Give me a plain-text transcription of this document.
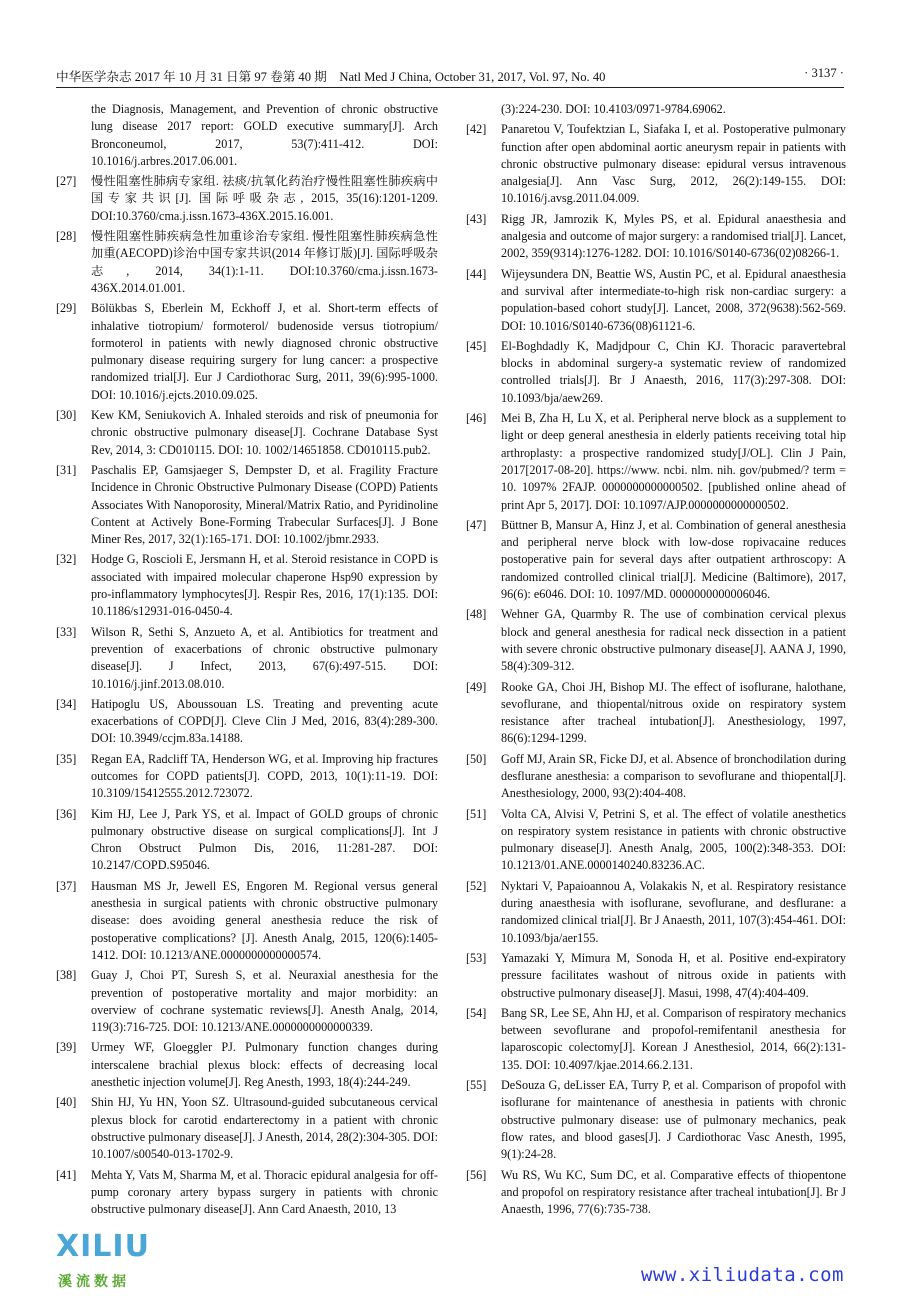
中华医学杂志 2017 年 10 月 31 日第 97 卷第 40 期　Natl Med J China, October 31, 2017, Vol. 97, No. 40	· 3137 ·
the Diagnosis, Management, and Prevention of chronic obstructive lung disease 2017 report: GOLD executive summary[J]. Arch Bronconeumol, 2017, 53(7):411-412. DOI: 10.1016/j.arbres.2017.06.001.
[27] 慢性阻塞性肺病专家组. 祛痰/抗氧化药治疗慢性阻塞性肺疾病中国专家共识[J]. 国际呼吸杂志, 2015, 35(16):1201-1209. DOI:10.3760/cma.j.issn.1673-436X.2015.16.001.
[28] 慢性阻塞性肺疾病急性加重诊治专家组. 慢性阻塞性肺疾病急性加重(AECOPD)诊治中国专家共识(2014 年修订版)[J]. 国际呼吸杂志, 2014, 34(1):1-11. DOI:10.3760/cma.j.issn.1673-436X.2014.01.001.
[29] Bölükbas S, Eberlein M, Eckhoff J, et al. Short-term effects of inhalative tiotropium/ formoterol/ budenoside versus tiotropium/ formoterol in patients with newly diagnosed chronic obstructive pulmonary disease requiring surgery for lung cancer: a prospective randomized trial[J]. Eur J Cardiothorac Surg, 2011, 39(6):995-1000. DOI: 10.1016/j.ejcts.2010.09.025.
[30] Kew KM, Seniukovich A. Inhaled steroids and risk of pneumonia for chronic obstructive pulmonary disease[J]. Cochrane Database Syst Rev, 2014, 3: CD010115. DOI: 10. 1002/14651858. CD010115.pub2.
[31] Paschalis EP, Gamsjaeger S, Dempster D, et al. Fragility Fracture Incidence in Chronic Obstructive Pulmonary Disease (COPD) Patients Associates With Nanoporosity, Mineral/Matrix Ratio, and Pyridinoline Content at Actively Bone-Forming Trabecular Surfaces[J]. J Bone Miner Res, 2017, 32(1):165-171. DOI: 10.1002/jbmr.2933.
[32] Hodge G, Roscioli E, Jersmann H, et al. Steroid resistance in COPD is associated with impaired molecular chaperone Hsp90 expression by pro-inflammatory lymphocytes[J]. Respir Res, 2016, 17(1):135. DOI: 10.1186/s12931-016-0450-4.
[33] Wilson R, Sethi S, Anzueto A, et al. Antibiotics for treatment and prevention of exacerbations of chronic obstructive pulmonary disease[J]. J Infect, 2013, 67(6):497-515. DOI: 10.1016/j.jinf.2013.08.010.
[34] Hatipoglu US, Aboussouan LS. Treating and preventing acute exacerbations of COPD[J]. Cleve Clin J Med, 2016, 83(4):289-300. DOI: 10.3949/ccjm.83a.14188.
[35] Regan EA, Radcliff TA, Henderson WG, et al. Improving hip fractures outcomes for COPD patients[J]. COPD, 2013, 10(1):11-19. DOI: 10.3109/15412555.2012.723072.
[36] Kim HJ, Lee J, Park YS, et al. Impact of GOLD groups of chronic pulmonary obstructive disease on surgical complications[J]. Int J Chron Obstruct Pulmon Dis, 2016, 11:281-287. DOI: 10.2147/COPD.S95046.
[37] Hausman MS Jr, Jewell ES, Engoren M. Regional versus general anesthesia in surgical patients with chronic obstructive pulmonary disease: does avoiding general anesthesia reduce the risk of postoperative complications? [J]. Anesth Analg, 2015, 120(6):1405-1412. DOI: 10.1213/ANE.0000000000000574.
[38] Guay J, Choi PT, Suresh S, et al. Neuraxial anesthesia for the prevention of postoperative mortality and major morbidity: an overview of cochrane systematic reviews[J]. Anesth Analg, 2014, 119(3):716-725. DOI: 10.1213/ANE.0000000000000339.
[39] Urmey WF, Gloeggler PJ. Pulmonary function changes during interscalene brachial plexus block: effects of decreasing local anesthetic injection volume[J]. Reg Anesth, 1993, 18(4):244-249.
[40] Shin HJ, Yu HN, Yoon SZ. Ultrasound-guided subcutaneous cervical plexus block for carotid endarterectomy in a patient with chronic obstructive pulmonary disease[J]. J Anesth, 2014, 28(2):304-305. DOI: 10.1007/s00540-013-1702-9.
[41] Mehta Y, Vats M, Sharma M, et al. Thoracic epidural analgesia for off-pump coronary artery bypass surgery in patients with chronic obstructive pulmonary disease[J]. Ann Card Anaesth, 2010, 13
(3):224-230. DOI: 10.4103/0971-9784.69062.
[42] Panaretou V, Toufektzian L, Siafaka I, et al. Postoperative pulmonary function after open abdominal aortic aneurysm repair in patients with chronic obstructive pulmonary disease: epidural versus intravenous analgesia[J]. Ann Vasc Surg, 2012, 26(2):149-155. DOI: 10.1016/j.avsg.2011.04.009.
[43] Rigg JR, Jamrozik K, Myles PS, et al. Epidural anaesthesia and analgesia and outcome of major surgery: a randomised trial[J]. Lancet, 2002, 359(9314):1276-1282. DOI: 10.1016/S0140-6736(02)08266-1.
[44] Wijeysundera DN, Beattie WS, Austin PC, et al. Epidural anaesthesia and survival after intermediate-to-high risk non-cardiac surgery: a population-based cohort study[J]. Lancet, 2008, 372(9638):562-569. DOI: 10.1016/S0140-6736(08)61121-6.
[45] El-Boghdadly K, Madjdpour C, Chin KJ. Thoracic paravertebral blocks in abdominal surgery-a systematic review of randomized controlled trials[J]. Br J Anaesth, 2016, 117(3):297-308. DOI: 10.1093/bja/aew269.
[46] Mei B, Zha H, Lu X, et al. Peripheral nerve block as a supplement to light or deep general anesthesia in elderly patients receiving total hip arthroplasty: a prospective randomized study[J/OL]. Clin J Pain, 2017[2017-08-20]. https://www. ncbi. nlm. nih. gov/pubmed/? term = 10. 1097% 2FAJP. 0000000000000502. [published online ahead of print Apr 5, 2017]. DOI: 10.1097/AJP.0000000000000502.
[47] Büttner B, Mansur A, Hinz J, et al. Combination of general anesthesia and peripheral nerve block with low-dose ropivacaine reduces postoperative pain for several days after outpatient arthroscopy: A randomized controlled clinical trial[J]. Medicine (Baltimore), 2017, 96(6): e6046. DOI: 10. 1097/MD. 0000000000006046.
[48] Wehner GA, Quarmby R. The use of combination cervical plexus block and general anesthesia for radical neck dissection in a patient with severe chronic obstructive pulmonary disease[J]. AANA J, 1990, 58(4):309-312.
[49] Rooke GA, Choi JH, Bishop MJ. The effect of isoflurane, halothane, sevoflurane, and thiopental/nitrous oxide on respiratory system resistance after tracheal intubation[J]. Anesthesiology, 1997, 86(6):1294-1299.
[50] Goff MJ, Arain SR, Ficke DJ, et al. Absence of bronchodilation during desflurane anesthesia: a comparison to sevoflurane and thiopental[J]. Anesthesiology, 2000, 93(2):404-408.
[51] Volta CA, Alvisi V, Petrini S, et al. The effect of volatile anesthetics on respiratory system resistance in patients with chronic obstructive pulmonary disease[J]. Anesth Analg, 2005, 100(2):348-353. DOI: 10.1213/01.ANE.0000140240.83236.AC.
[52] Nyktari V, Papaioannou A, Volakakis N, et al. Respiratory resistance during anaesthesia with isoflurane, sevoflurane, and desflurane: a randomized clinical trial[J]. Br J Anaesth, 2011, 107(3):454-461. DOI: 10.1093/bja/aer155.
[53] Yamazaki Y, Mimura M, Sonoda H, et al. Positive end-expiratory pressure facilitates washout of nitrous oxide in patients with obstructive pulmonary disease[J]. Masui, 1998, 47(4):404-409.
[54] Bang SR, Lee SE, Ahn HJ, et al. Comparison of respiratory mechanics between sevoflurane and propofol-remifentanil anesthesia for laparoscopic colectomy[J]. Korean J Anesthesiol, 2014, 66(2):131-135. DOI: 10.4097/kjae.2014.66.2.131.
[55] DeSouza G, deLisser EA, Turry P, et al. Comparison of propofol with isoflurane for maintenance of anesthesia in patients with chronic obstructive pulmonary disease: use of pulmonary mechanics, peak flow rates, and blood gases[J]. J Cardiothorac Vasc Anesth, 1995, 9(1):24-28.
[56] Wu RS, Wu KC, Sum DC, et al. Comparative effects of thiopentone and propofol on respiratory resistance after tracheal intubation[J]. Br J Anaesth, 1996, 77(6):735-738.
XILIU
溪流数据	www.xiliudata.com
